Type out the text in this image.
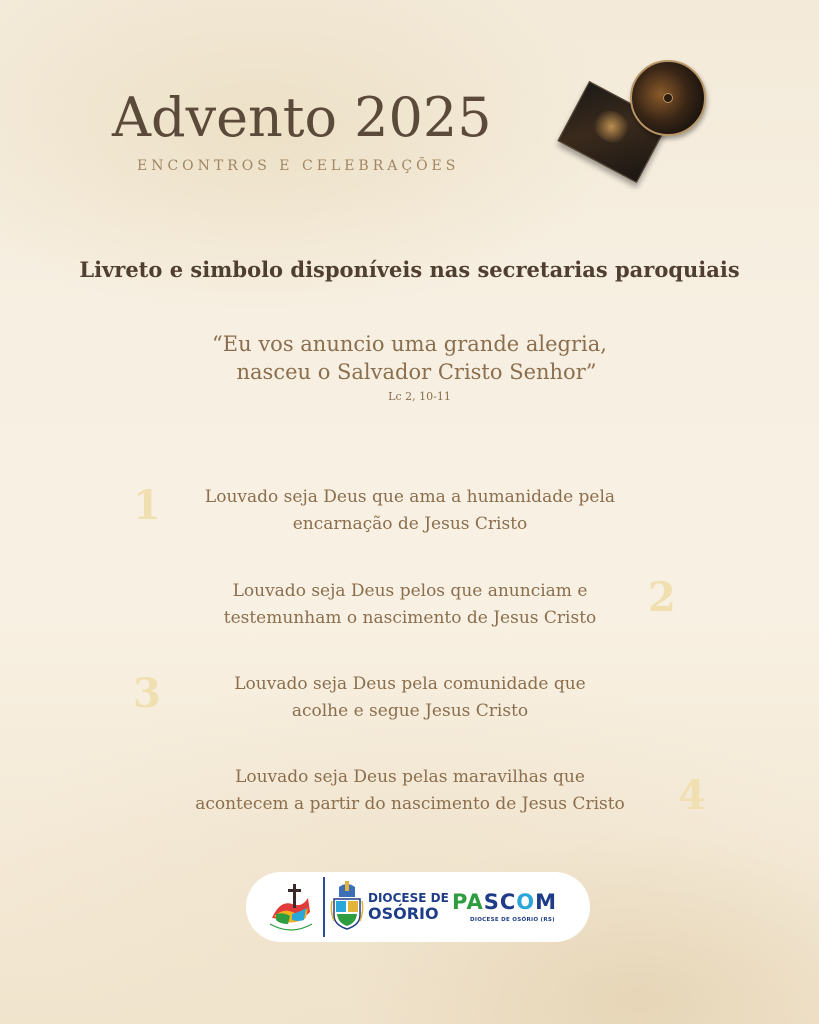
Advento 2025
ENCONTROS E CELEBRAÇÕES
Livreto e simbolo disponíveis nas secretarias paroquiais
“Eu vos anuncio uma grande alegria,
nasceu o Salvador Cristo Senhor”
Lc 2, 10-11
1	Louvado seja Deus que ama a humanidade pela
encarnação de Jesus Cristo
Louvado seja Deus pelos que anunciam e
testemunham o nascimento de Jesus Cristo	2
3	Louvado seja Deus pela comunidade que
acolhe e segue Jesus Cristo
Louvado seja Deus pelas maravilhas que
acontecem a partir do nascimento de Jesus Cristo	4
DIOCESE DE
OSÓRIO PASCOM
DIOCESE DE OSÓRIO (RS)
